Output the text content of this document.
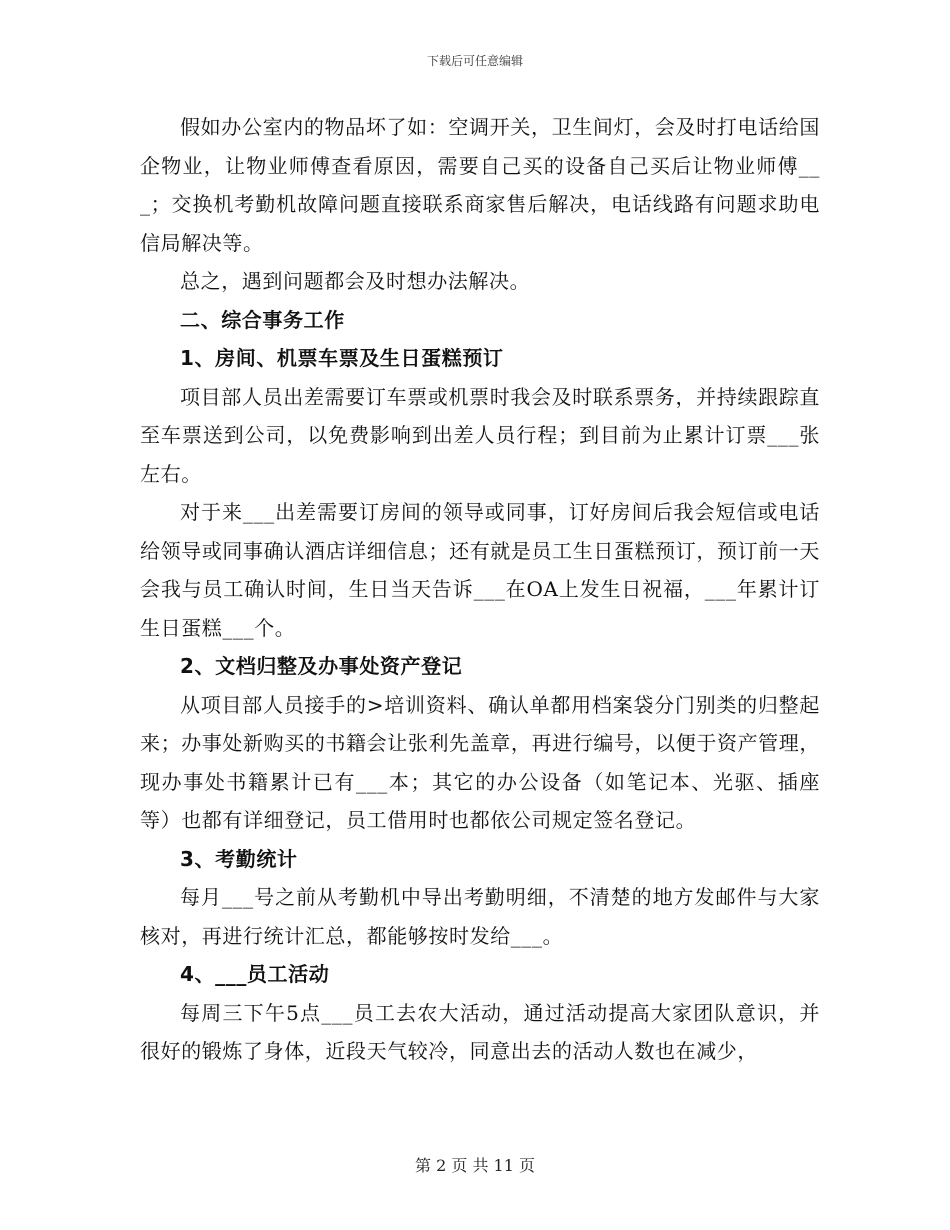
下载后可任意编辑

假如办公室内的物品坏了如：空调开关，卫生间灯，会及时打电话给国企物业，让物业师傅查看原因，需要自己买的设备自己买后让物业师傅___；交换机考勤机故障问题直接联系商家售后解决，电话线路有问题求助电信局解决等。

总之，遇到问题都会及时想办法解决。

二、综合事务工作

1、房间、机票车票及生日蛋糕预订

项目部人员出差需要订车票或机票时我会及时联系票务，并持续跟踪直至车票送到公司，以免费影响到出差人员行程；到目前为止累计订票___张左右。

对于来___出差需要订房间的领导或同事，订好房间后我会短信或电话给领导或同事确认酒店详细信息；还有就是员工生日蛋糕预订，预订前一天会我与员工确认时间，生日当天告诉___在OA上发生日祝福，___年累计订生日蛋糕___个。

2、文档归整及办事处资产登记

从项目部人员接手的>培训资料、确认单都用档案袋分门别类的归整起来；办事处新购买的书籍会让张利先盖章，再进行编号，以便于资产管理，现办事处书籍累计已有___本；其它的办公设备（如笔记本、光驱、插座等）也都有详细登记，员工借用时也都依公司规定签名登记。

3、考勤统计

每月___号之前从考勤机中导出考勤明细，不清楚的地方发邮件与大家核对，再进行统计汇总，都能够按时发给___。

4、___员工活动

每周三下午5点___员工去农大活动，通过活动提高大家团队意识，并很好的锻炼了身体，近段天气较冷，同意出去的活动人数也在减少，

第 2 页 共 11 页
